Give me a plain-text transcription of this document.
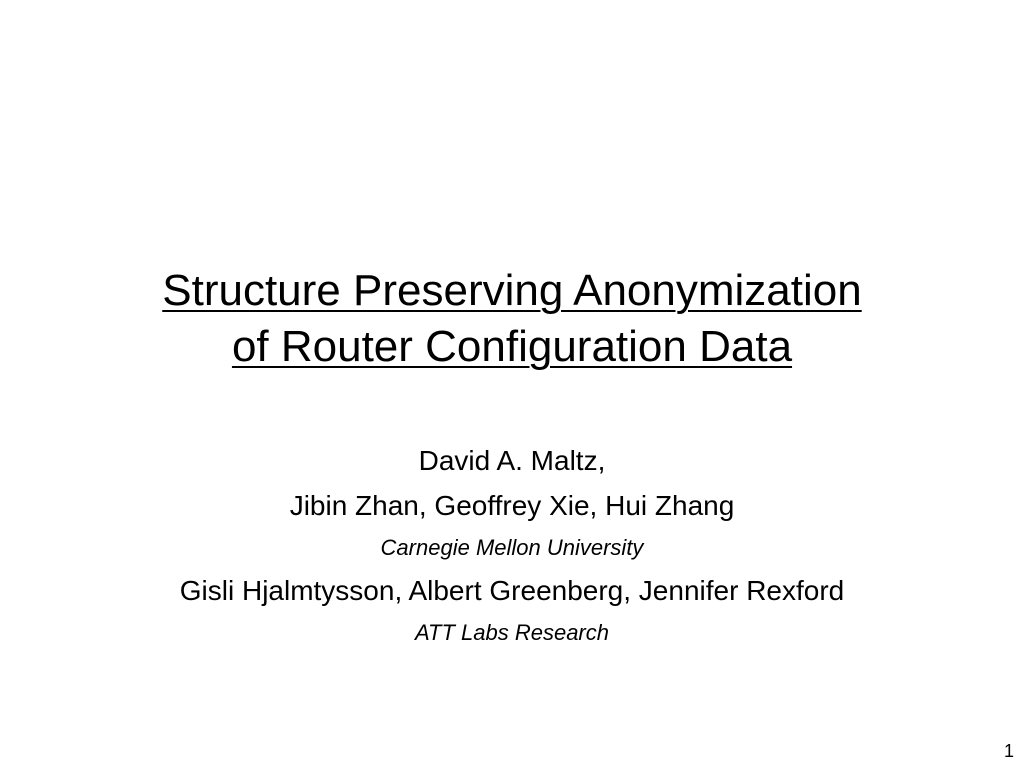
Structure Preserving Anonymization
of Router Configuration Data
David A. Maltz,
Jibin Zhan, Geoffrey Xie, Hui Zhang
Carnegie Mellon University
Gisli Hjalmtysson, Albert Greenberg, Jennifer Rexford
ATT Labs Research
1
